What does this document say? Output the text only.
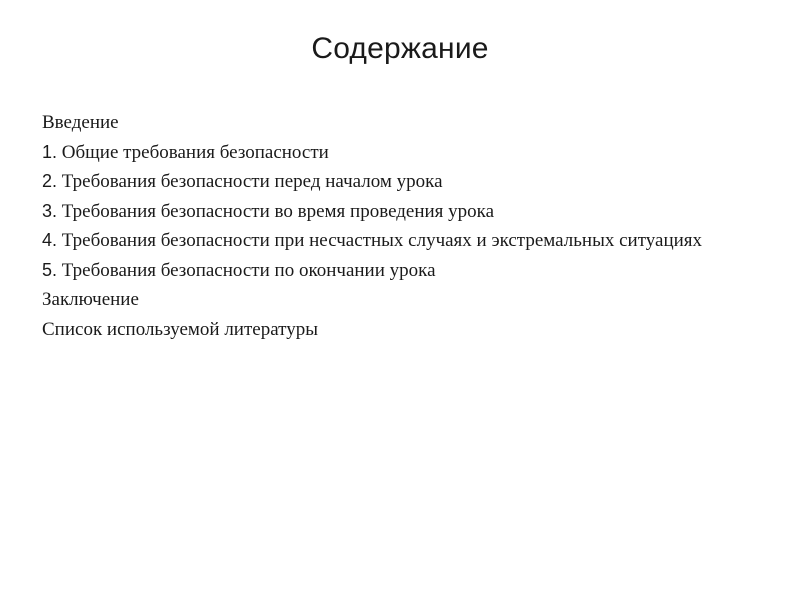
Содержание
Введение
1. Общие требования безопасности
2. Требования безопасности перед началом урока
3. Требования безопасности во время проведения урока
4. Требования безопасности при несчастных случаях и экстремальных ситуациях
5. Требования безопасности по окончании урока
Заключение
Список используемой литературы
